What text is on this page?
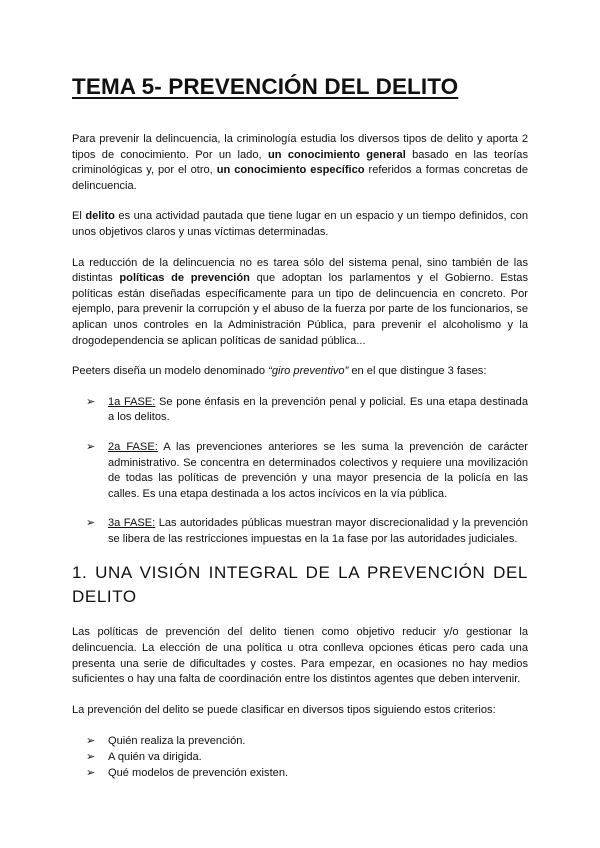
TEMA 5- PREVENCIÓN DEL DELITO

Para prevenir la delincuencia, la criminología estudia los diversos tipos de delito y aporta 2 tipos de conocimiento. Por un lado, un conocimiento general basado en las teorías criminológicas y, por el otro, un conocimiento específico referidos a formas concretas de delincuencia.

El delito es una actividad pautada que tiene lugar en un espacio y un tiempo definidos, con unos objetivos claros y unas víctimas determinadas.

La reducción de la delincuencia no es tarea sólo del sistema penal, sino también de las distintas políticas de prevención que adoptan los parlamentos y el Gobierno. Estas políticas están diseñadas específicamente para un tipo de delincuencia en concreto. Por ejemplo, para prevenir la corrupción y el abuso de la fuerza por parte de los funcionarios, se aplican unos controles en la Administración Pública, para prevenir el alcoholismo y la drogodependencia se aplican políticas de sanidad pública...

Peeters diseña un modelo denominado “giro preventivo” en el que distingue 3 fases:

➢ 1a FASE: Se pone énfasis en la prevención penal y policial. Es una etapa destinada a los delitos.
➢ 2a FASE: A las prevenciones anteriores se les suma la prevención de carácter administrativo. Se concentra en determinados colectivos y requiere una movilización de todas las políticas de prevención y una mayor presencia de la policía en las calles. Es una etapa destinada a los actos incívicos en la vía pública.
➢ 3a FASE: Las autoridades públicas muestran mayor discrecionalidad y la prevención se libera de las restricciones impuestas en la 1a fase por las autoridades judiciales.
1. UNA VISIÓN INTEGRAL DE LA PREVENCIÓN DEL DELITO

Las políticas de prevención del delito tienen como objetivo reducir y/o gestionar la delincuencia. La elección de una política u otra conlleva opciones éticas pero cada una presenta una serie de dificultades y costes. Para empezar, en ocasiones no hay medios suficientes o hay una falta de coordinación entre los distintos agentes que deben intervenir.

La prevención del delito se puede clasificar en diversos tipos siguiendo estos criterios:

➢ Quién realiza la prevención.
➢ A quién va dirigida.
➢ Qué modelos de prevención existen.
